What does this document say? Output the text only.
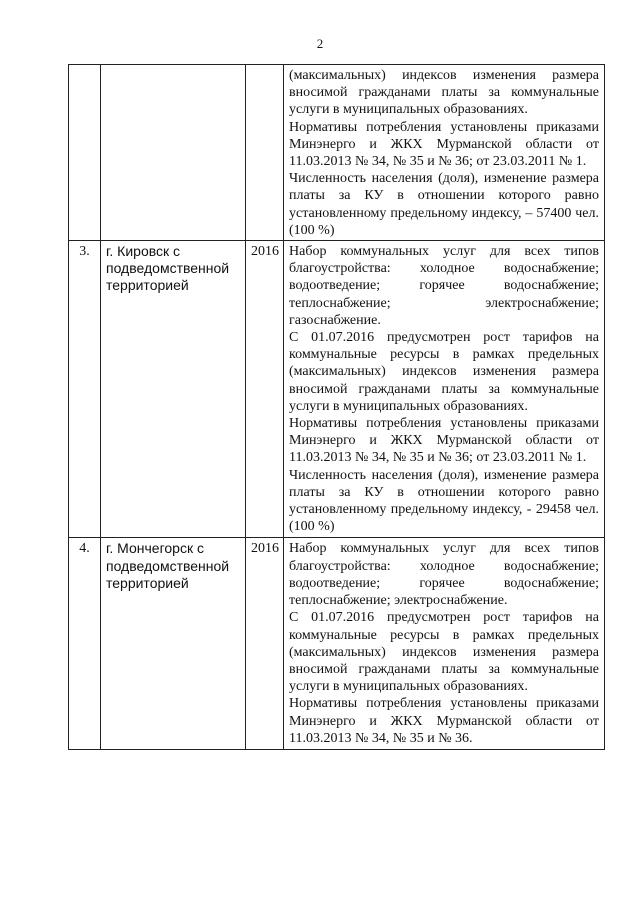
2

			(максимальных) индексов изменения размера вносимой гражданами платы за коммунальные услуги в муниципальных образованиях.

Нормативы потребления установлены приказами Минэнерго и ЖКХ Мурманской области от 11.03.2013 № 34, № 35 и № 36; от 23.03.2011 № 1.

Численность населения (доля), изменение размера платы за КУ в отношении которого равно установленному предельному индексу, – 57400 чел. (100 %)

3.	г. Кировск с подведомственной территорией	2016	Набор коммунальных услуг для всех типов благоустройства: холодное водоснабжение; водоотведение; горячее водоснабжение; теплоснабжение; электроснабжение; газоснабжение.

С 01.07.2016 предусмотрен рост тарифов на коммунальные ресурсы в рамках предельных (максимальных) индексов изменения размера вносимой гражданами платы за коммунальные услуги в муниципальных образованиях.

Нормативы потребления установлены приказами Минэнерго и ЖКХ Мурманской области от 11.03.2013 № 34, № 35 и № 36; от 23.03.2011 № 1.

Численность населения (доля), изменение размера платы за КУ в отношении которого равно установленному предельному индексу, - 29458 чел. (100 %)

4.	г. Мончегорск с подведомственной территорией	2016	Набор коммунальных услуг для всех типов благоустройства: холодное водоснабжение; водоотведение; горячее водоснабжение; теплоснабжение; электроснабжение.

С 01.07.2016 предусмотрен рост тарифов на коммунальные ресурсы в рамках предельных (максимальных) индексов изменения размера вносимой гражданами платы за коммунальные услуги в муниципальных образованиях.

Нормативы потребления установлены приказами Минэнерго и ЖКХ Мурманской области от 11.03.2013 № 34, № 35 и № 36.
